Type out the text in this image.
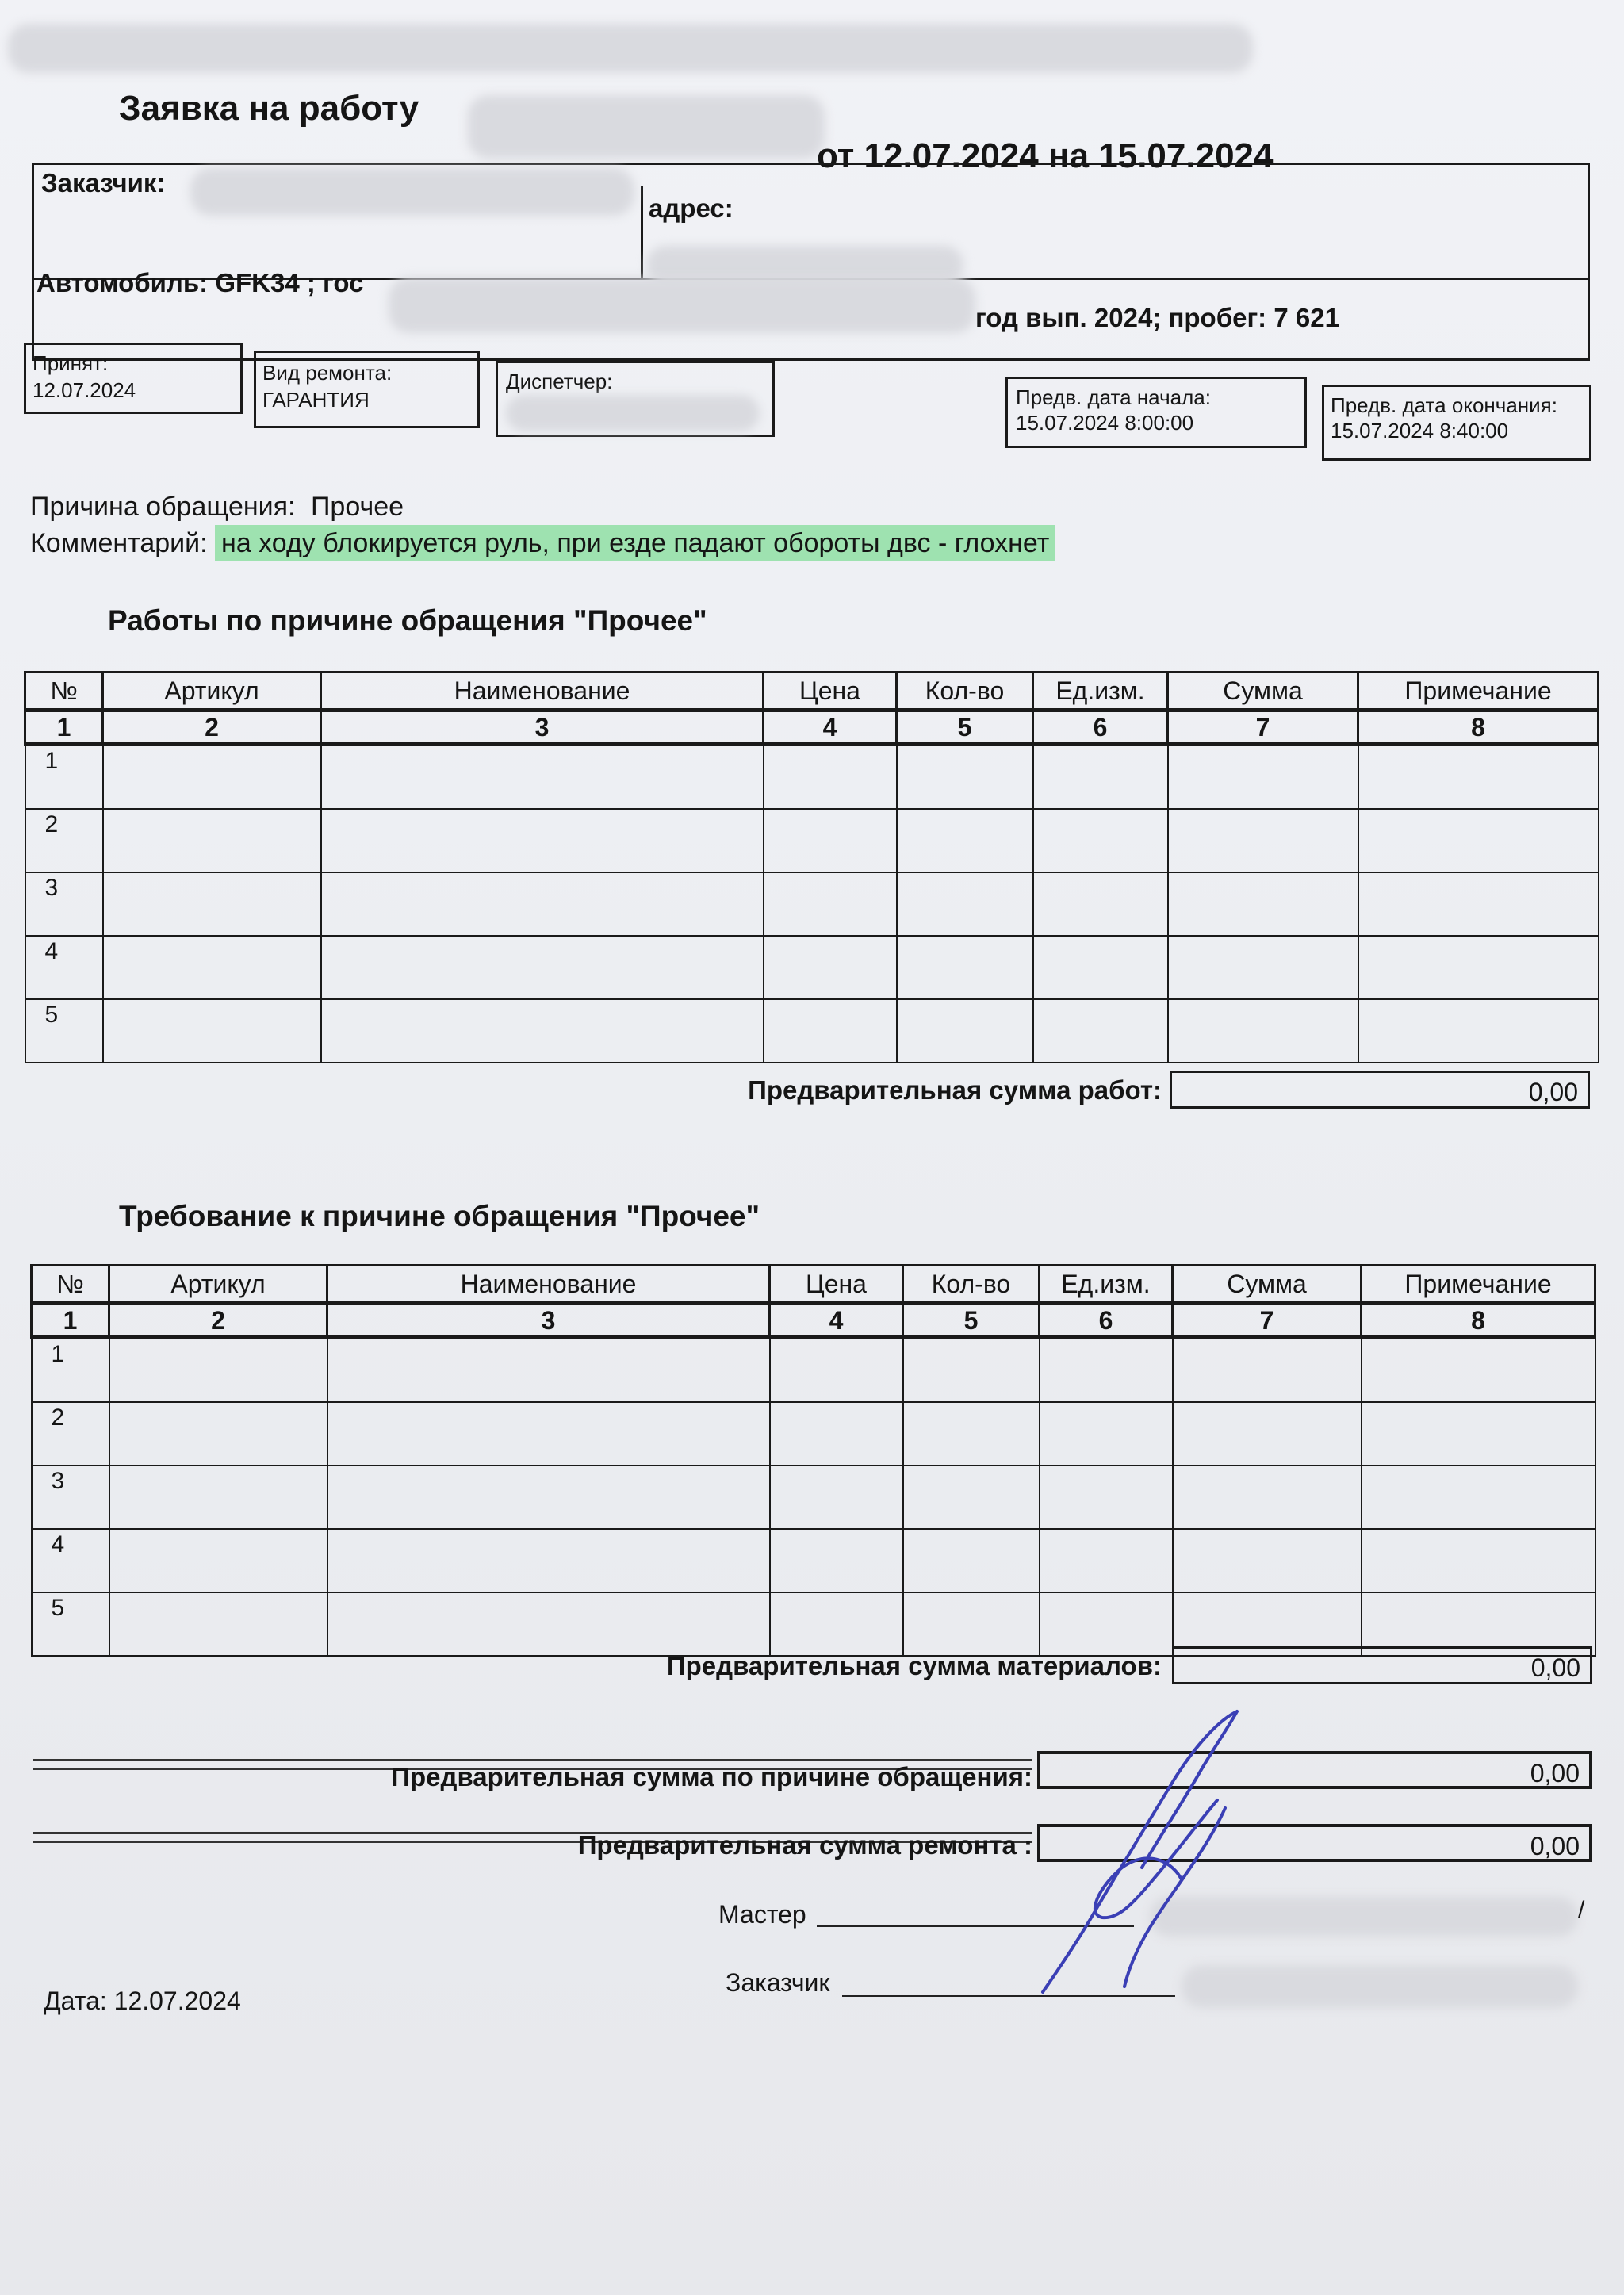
Заявка на работу
от 12.07.2024 на 15.07.2024
Заказчик:
адрес:
Автомобиль: GFK34 ; гос
год вып. 2024; пробег: 7 621
Принят:
12.07.2024
Вид ремонта:
ГАРАНТИЯ
Диспетчер:
Предв. дата начала:
15.07.2024 8:00:00
Предв. дата окончания:
15.07.2024 8:40:00
Причина обращения: Прочее
Комментарий: на ходу блокируется руль, при езде падают обороты двс - глохнет
Работы по причине обращения "Прочее"
№	Артикул	Наименование	Цена	Кол-во	Ед.изм.	Сумма	Примечание
1	2	3	4	5	6	7	8
1							
2							
3							
4							
5							
Предварительная сумма работ:	0,00
Требование к причине обращения "Прочее"
№	Артикул	Наименование	Цена	Кол-во	Ед.изм.	Сумма	Примечание
1	2	3	4	5	6	7	8
1							
2							
3							
4							
5							
Предварительная сумма материалов:	0,00
Предварительная сумма по причине обращения:	0,00
Предварительная сумма ремонта :	0,00
Мастер	/
Заказчик
Дата: 12.07.2024
